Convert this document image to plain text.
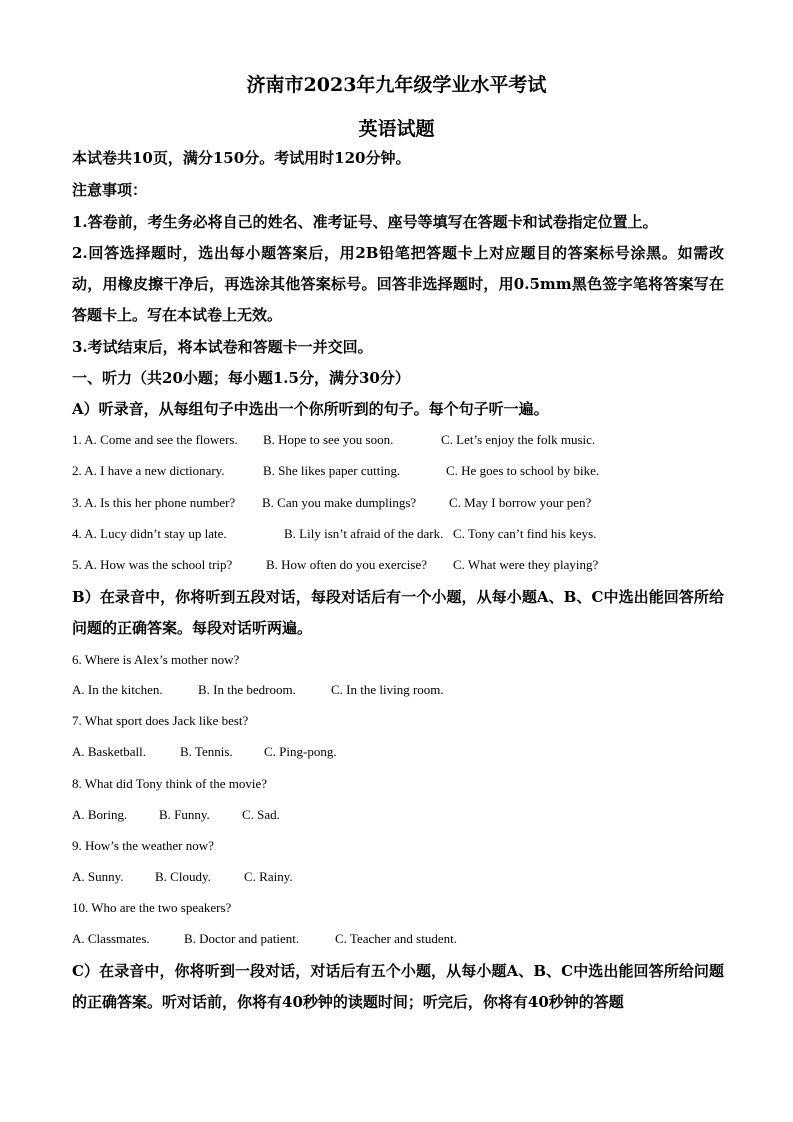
济南市2023年九年级学业水平考试
英语试题
本试卷共10页，满分150分。考试用时120分钟。
注意事项：
1.答卷前，考生务必将自己的姓名、准考证号、座号等填写在答题卡和试卷指定位置上。
2.回答选择题时，选出每小题答案后，用2B铅笔把答题卡上对应题目的答案标号涂黑。如需改动，用橡皮擦干净后，再选涂其他答案标号。回答非选择题时，用0.5mm黑色签字笔将答案写在答题卡上。写在本试卷上无效。
3.考试结束后，将本试卷和答题卡一并交回。
一、听力（共20小题；每小题1.5分，满分30分）
A）听录音，从每组句子中选出一个你所听到的句子。每个句子听一遍。
1. A. Come and see the flowers. B. Hope to see you soon.	C. Let’s enjoy the folk music.
2. A. I have a new dictionary.	B. She likes paper cutting.	C. He goes to school by bike.
3. A. Is this her phone number? B. Can you make dumplings?	C. May I borrow your pen?
4. A. Lucy didn’t stay up late.	B. Lily isn’t afraid of the dark. C. Tony can’t find his keys.
5. A. How was the school trip?	B. How often do you exercise? C. What were they playing?
B）在录音中，你将听到五段对话，每段对话后有一个小题，从每小题A、B、C中选出能回答所给问题的正确答案。每段对话听两遍。
6. Where is Alex’s mother now?
A. In the kitchen.	B. In the bedroom.	C. In the living room.
7. What sport does Jack like best?
A. Basketball.	B. Tennis. C. Ping-pong.
8. What did Tony think of the movie?
A. Boring. B. Funny. C. Sad.
9. How’s the weather now?
A. Sunny. B. Cloudy.	C. Rainy.
10. Who are the two speakers?
A. Classmates.	B. Doctor and patient.	C. Teacher and student.
C）在录音中，你将听到一段对话，对话后有五个小题，从每小题A、B、C中选出能回答所给问题的正确答案。听对话前，你将有40秒钟的读题时间；听完后，你将有40秒钟的答题
